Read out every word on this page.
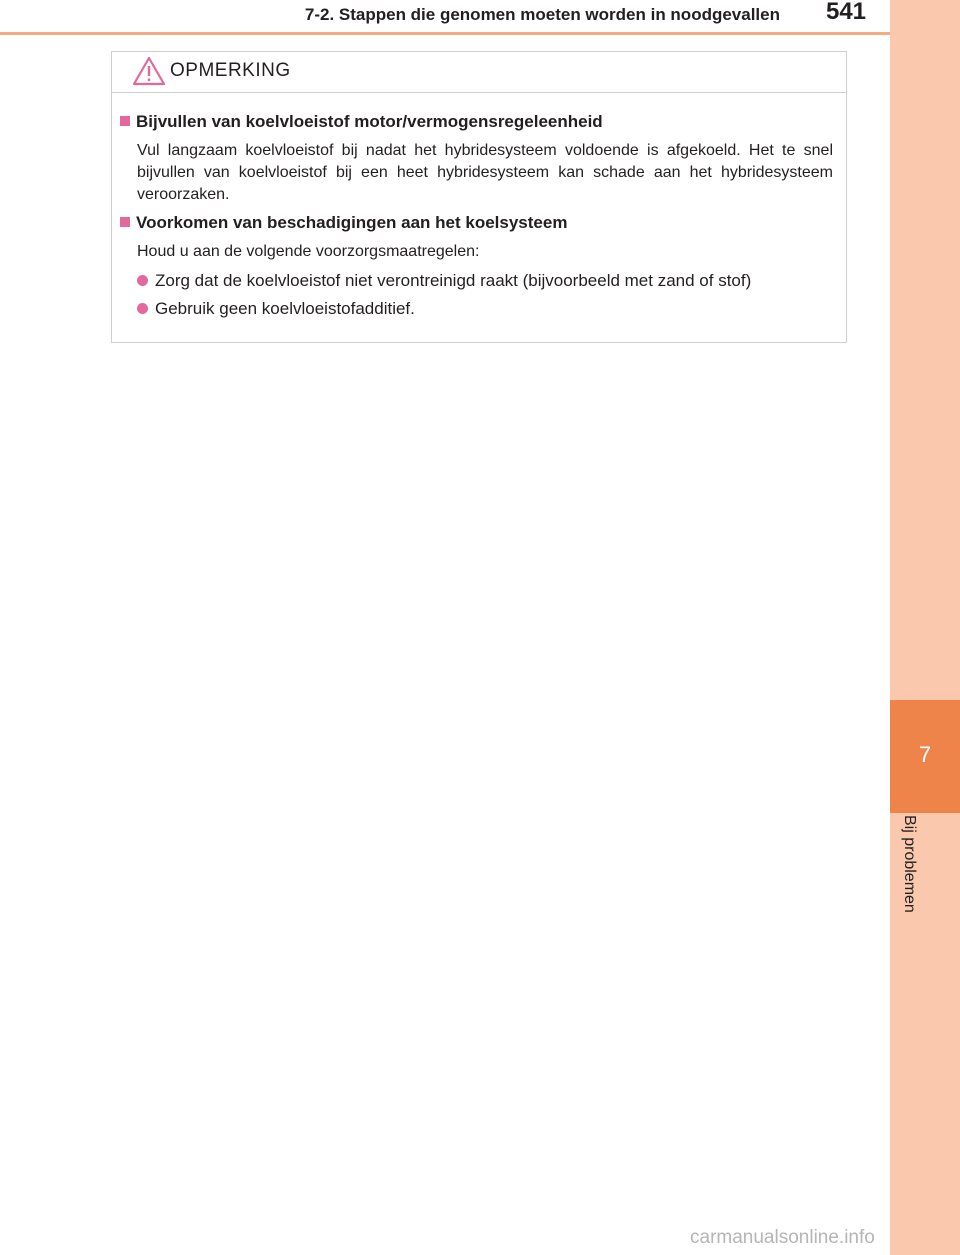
7
Bij problemen
7-2. Stappen die genomen moeten worden in noodgevallen	541
OPMERKING
Bijvullen van koelvloeistof motor/vermogensregeleenheid
Vul langzaam koelvloeistof bij nadat het hybridesysteem voldoende is afgekoeld. Het te snel bijvullen van koelvloeistof bij een heet hybridesysteem kan schade aan het hybridesysteem veroorzaken.
Voorkomen van beschadigingen aan het koelsysteem
Houd u aan de volgende voorzorgsmaatregelen:
Zorg dat de koelvloeistof niet verontreinigd raakt (bijvoorbeeld met zand of stof)
Gebruik geen koelvloeistofadditief.
carmanualsonline.info
